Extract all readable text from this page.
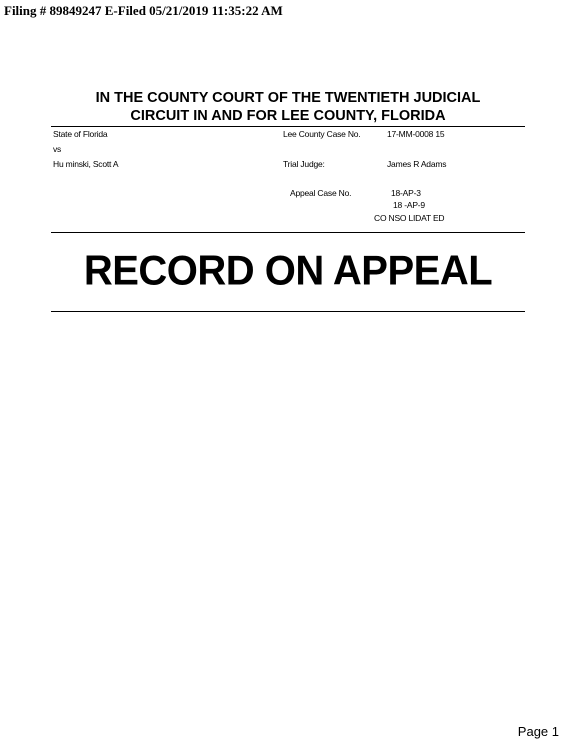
Filing # 89849247 E-Filed 05/21/2019 11:35:22 AM
IN THE COUNTY COURT OF THE TWENTIETH JUDICIAL
CIRCUIT IN AND FOR LEE COUNTY, FLORIDA
State of Florida
vs
Hu minski, Scott A
Lee County Case No.	17-MM-0008 15
Trial Judge:	James R Adams
Appeal Case No.	18-AP-3
18 -AP-9
CO NSO LIDAT ED
RECORD ON APPEAL
Page 1
